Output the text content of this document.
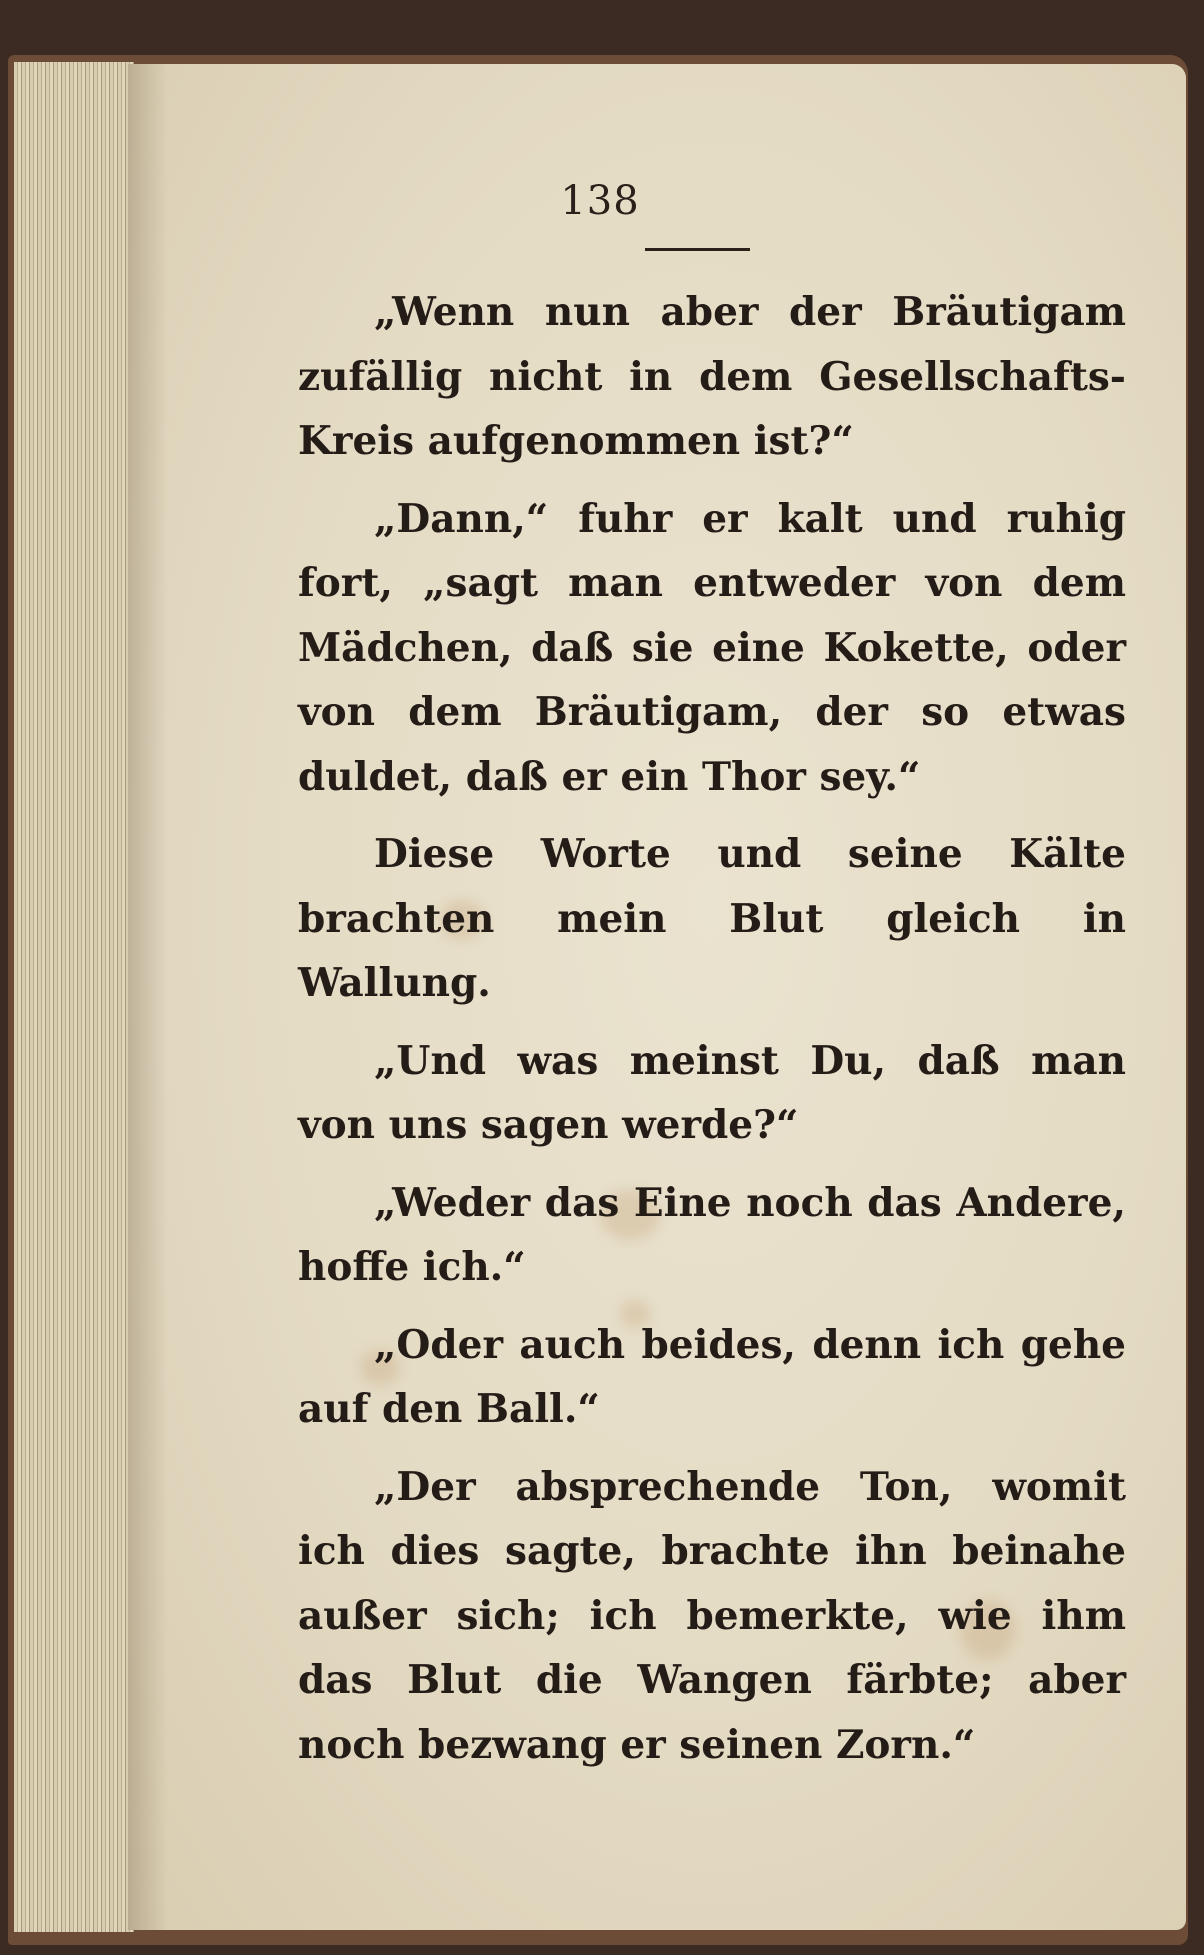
138

„Wenn nun aber der Bräutigam zufällig nicht in dem Gesellschafts-Kreis aufgenommen ist?“

„Dann,“ fuhr er kalt und ruhig fort, „sagt man entweder von dem Mädchen, daß sie eine Kokette, oder von dem Bräutigam, der so etwas duldet, daß er ein Thor sey.“

Diese Worte und seine Kälte brachten mein Blut gleich in Wallung.

„Und was meinst Du, daß man von uns sagen werde?“

„Weder das Eine noch das Andere, hoffe ich.“

„Oder auch beides, denn ich gehe auf den Ball.“

„Der absprechende Ton, womit ich dies sagte, brachte ihn beinahe außer sich; ich bemerkte, wie ihm das Blut die Wangen färbte; aber noch bezwang er seinen Zorn.“
